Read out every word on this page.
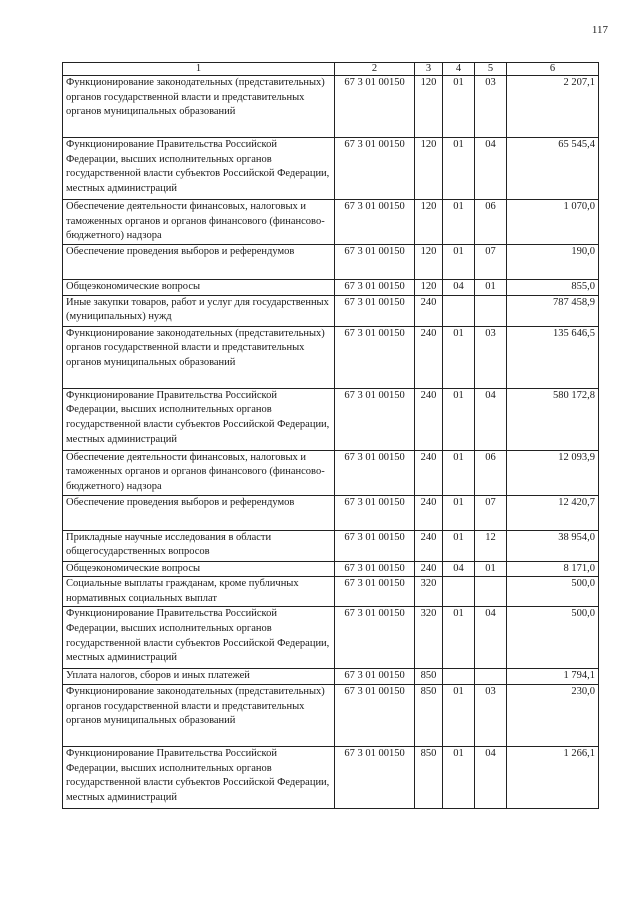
117
1	2	3	4	5	6
Функционирование законодательных (представительных) органов государственной власти и представительных органов муниципальных образований	67 3 01 00150	120	01	03	2 207,1
Функционирование Правительства Российской Федерации, высших исполнительных органов государственной власти субъектов Российской Федерации, местных администраций	67 3 01 00150	120	01	04	65 545,4
Обеспечение деятельности финансовых, налоговых и таможенных органов и органов финансового (финансово-бюджетного) надзора	67 3 01 00150	120	01	06	1 070,0
Обеспечение проведения выборов и референдумов	67 3 01 00150	120	01	07	190,0
Общеэкономические вопросы	67 3 01 00150	120	04	01	855,0
Иные закупки товаров, работ и услуг для государственных (муниципальных) нужд	67 3 01 00150	240			787 458,9
Функционирование законодательных (представительных) органов государственной власти и представительных органов муниципальных образований	67 3 01 00150	240	01	03	135 646,5
Функционирование Правительства Российской Федерации, высших исполнительных органов государственной власти субъектов Российской Федерации, местных администраций	67 3 01 00150	240	01	04	580 172,8
Обеспечение деятельности финансовых, налоговых и таможенных органов и органов финансового (финансово-бюджетного) надзора	67 3 01 00150	240	01	06	12 093,9
Обеспечение проведения выборов и референдумов	67 3 01 00150	240	01	07	12 420,7
Прикладные научные исследования в области общегосударственных вопросов	67 3 01 00150	240	01	12	38 954,0
Общеэкономические вопросы	67 3 01 00150	240	04	01	8 171,0
Социальные выплаты гражданам, кроме публичных нормативных социальных выплат	67 3 01 00150	320			500,0
Функционирование Правительства Российской Федерации, высших исполнительных органов государственной власти субъектов Российской Федерации, местных администраций	67 3 01 00150	320	01	04	500,0
Уплата налогов, сборов и иных платежей	67 3 01 00150	850			1 794,1
Функционирование законодательных (представительных) органов государственной власти и представительных органов муниципальных образований	67 3 01 00150	850	01	03	230,0
Функционирование Правительства Российской Федерации, высших исполнительных органов государственной власти субъектов Российской Федерации, местных администраций	67 3 01 00150	850	01	04	1 266,1
